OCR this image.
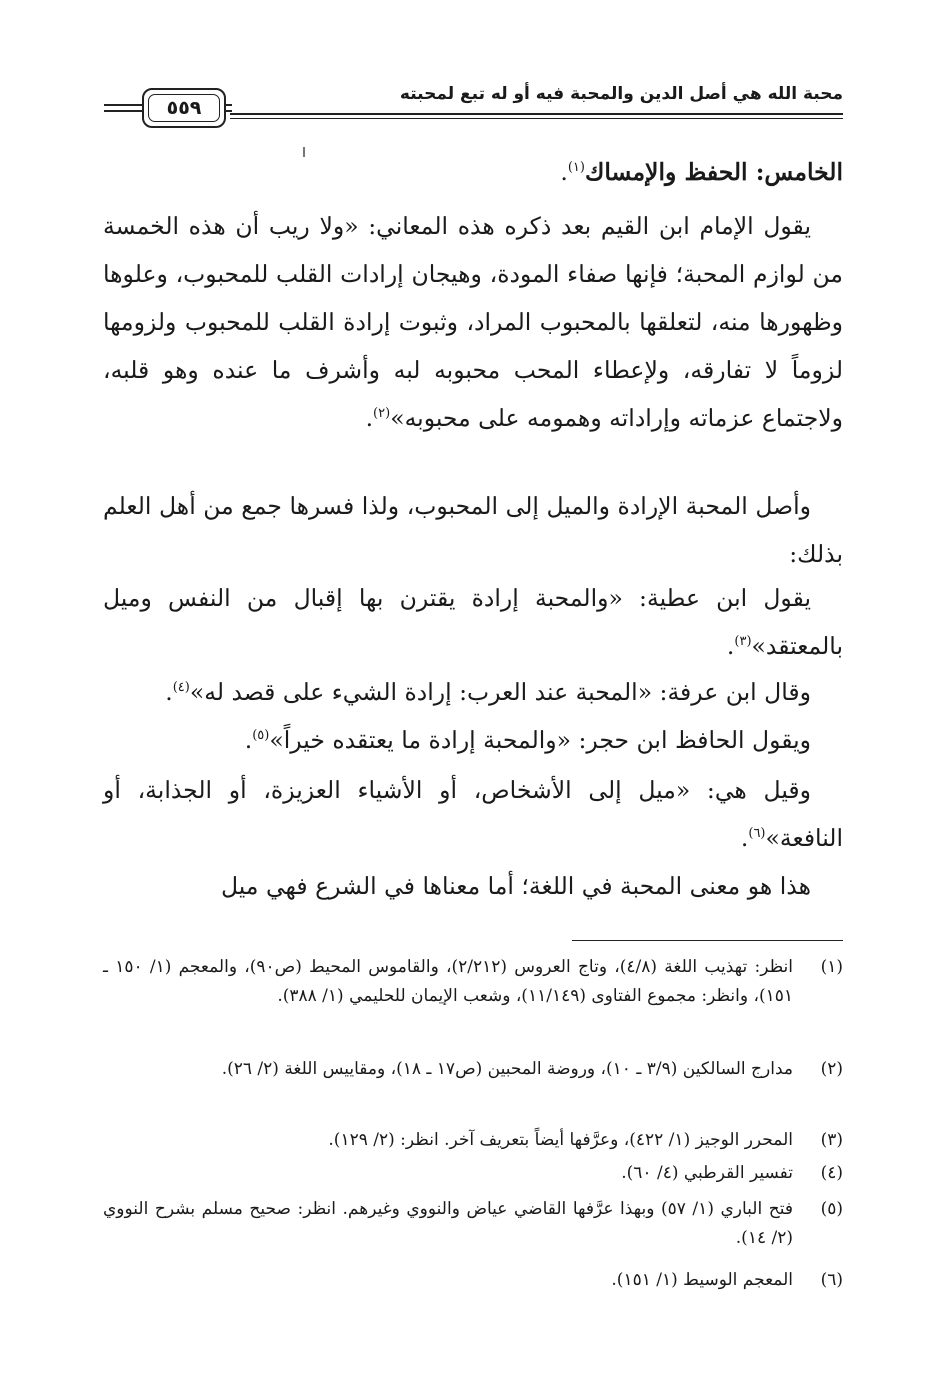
محبة الله هي أصل الدين والمحبة فيه أو له تبع لمحبته
٥٥٩
الخامس: الحفظ والإمساك$^{(١)}$.
يقول الإمام ابن القيم بعد ذكره هذه المعاني: «ولا ريب أن هذه الخمسة من لوازم المحبة؛ فإنها صفاء المودة، وهيجان إرادات القلب للمحبوب، وعلوها وظهورها منه، لتعلقها بالمحبوب المراد، وثبوت إرادة القلب للمحبوب ولزومها لزوماً لا تفارقه، ولإعطاء المحب محبوبه لبه وأشرف ما عنده وهو قلبه، ولاجتماع عزماته وإراداته وهمومه على محبوبه»$^{(٢)}$.
وأصل المحبة الإرادة والميل إلى المحبوب، ولذا فسرها جمع من أهل العلم بذلك:
يقول ابن عطية: «والمحبة إرادة يقترن بها إقبال من النفس وميل بالمعتقد»$^{(٣)}$.
وقال ابن عرفة: «المحبة عند العرب: إرادة الشيء على قصد له»$^{(٤)}$.
ويقول الحافظ ابن حجر: «والمحبة إرادة ما يعتقده خيراً»$^{(٥)}$.
وقيل هي: «ميل إلى الأشخاص، أو الأشياء العزيزة، أو الجذابة، أو النافعة»$^{(٦)}$.
هذا هو معنى المحبة في اللغة؛ أما معناها في الشرع فهي ميل
(١)
انظر: تهذيب اللغة (٤/٨)، وتاج العروس (٢/٢١٢)، والقاموس المحيط (ص٩٠)، والمعجم (١/ ١٥٠ ـ ١٥١)، وانظر: مجموع الفتاوى (١١/١٤٩)، وشعب الإيمان للحليمي (١/ ٣٨٨).
(٢)
مدارج السالكين (٣/٩ ـ ١٠)، وروضة المحبين (ص١٧ ـ ١٨)، ومقاييس اللغة (٢/ ٢٦).
(٣)
المحرر الوجيز (١/ ٤٢٢)، وعرَّفها أيضاً بتعريف آخر. انظر: (٢/ ١٢٩).
(٤)
تفسير القرطبي (٤/ ٦٠).
(٥)
فتح الباري (١/ ٥٧) وبهذا عرَّفها القاضي عياض والنووي وغيرهم. انظر: صحيح مسلم بشرح النووي (٢/ ١٤).
(٦)
المعجم الوسيط (١/ ١٥١).
